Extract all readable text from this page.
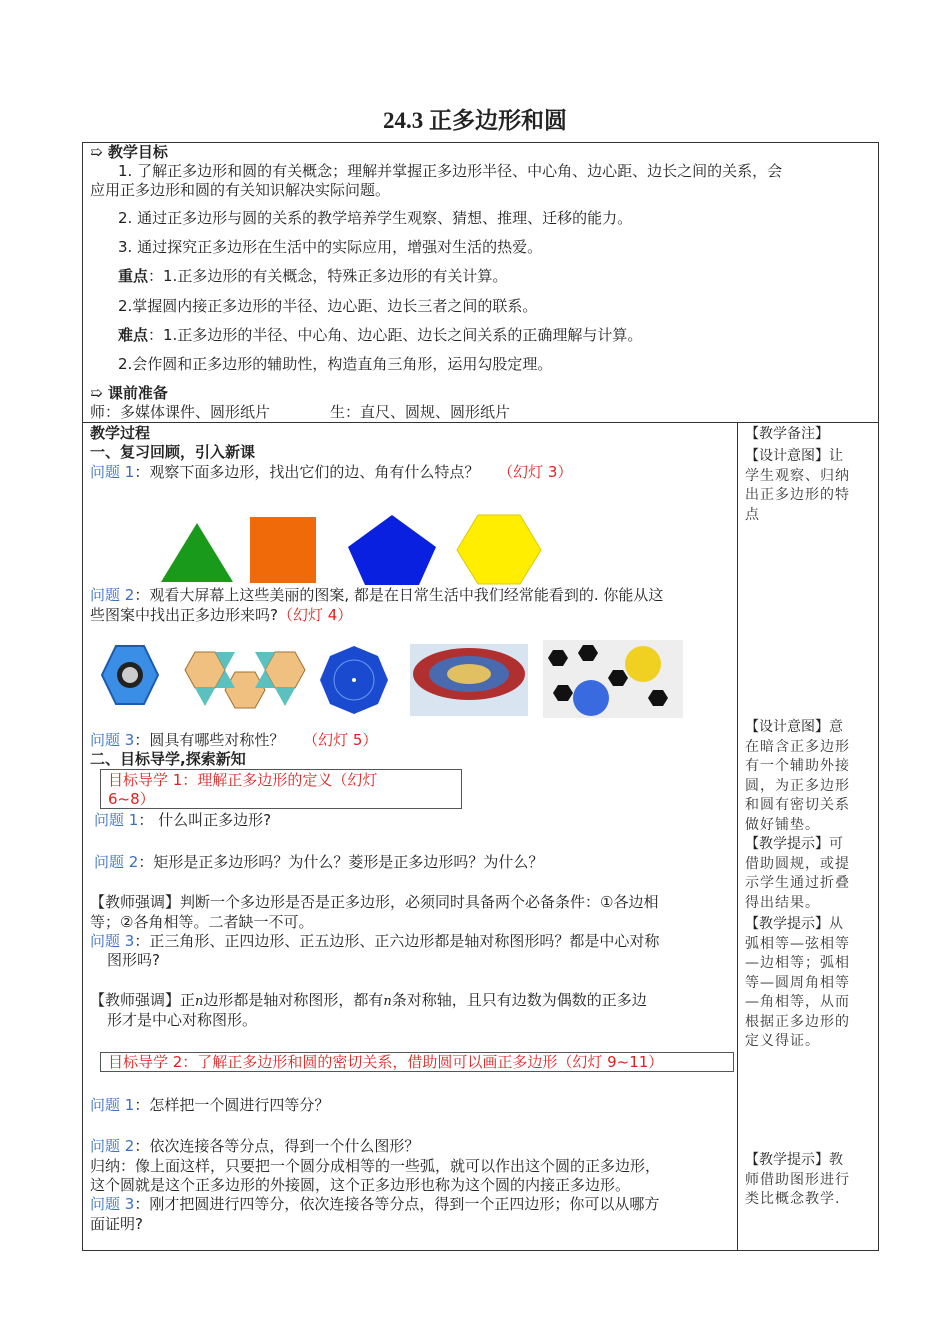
24.3 正多边形和圆
➯ 教学目标
1. 了解正多边形和圆的有关概念；理解并掌握正多边形半径、中心角、边心距、边长之间的关系，会
应用正多边形和圆的有关知识解决实际问题。
2. 通过正多边形与圆的关系的教学培养学生观察、猜想、推理、迁移的能力。
3. 通过探究正多边形在生活中的实际应用，增强对生活的热爱。
重点：1.正多边形的有关概念，特殊正多边形的有关计算。
2.掌握圆内接正多边形的半径、边心距、边长三者之间的联系。
难点：1.正多边形的半径、中心角、边心距、边长之间关系的正确理解与计算。
2.会作圆和正多边形的辅助性，构造直角三角形，运用勾股定理。
➯ 课前准备
师：多媒体课件、圆形纸片	生：直尺、圆规、圆形纸片
教学过程
一、复习回顾，引入新课
问题 1：观察下面多边形，找出它们的边、角有什么特点？ （幻灯 3）
问题 2：观看大屏幕上这些美丽的图案, 都是在日常生活中我们经常能看到的. 你能从这
些图案中找出正多边形来吗?（幻灯 4）
问题 3：圆具有哪些对称性？ （幻灯 5）
二、目标导学,探索新知
目标导学 1：理解正多边形的定义（幻灯
6~8）
问题 1： 什么叫正多边形?
问题 2：矩形是正多边形吗？为什么？菱形是正多边形吗？为什么？
【教师强调】判断一个多边形是否是正多边形，必须同时具备两个必备条件：①各边相
等；②各角相等。二者缺一不可。
问题 3：正三角形、正四边形、正五边形、正六边形都是轴对称图形吗？都是中心对称
图形吗?
【教师强调】正n边形都是轴对称图形，都有n条对称轴，且只有边数为偶数的正多边
形才是中心对称图形。
目标导学 2：了解正多边形和圆的密切关系，借助圆可以画正多边形（幻灯 9~11）
问题 1：怎样把一个圆进行四等分？
问题 2：依次连接各等分点，得到一个什么图形？
归纳：像上面这样，只要把一个圆分成相等的一些弧，就可以作出这个圆的正多边形，
这个圆就是这个正多边形的外接圆，这个正多边形也称为这个圆的内接正多边形。
问题 3：刚才把圆进行四等分，依次连接各等分点，得到一个正四边形；你可以从哪方
面证明?
【教学备注】
【设计意图】让
学生观察、归纳
出正多边形的特
点
【设计意图】意
在暗含正多边形
有一个辅助外接
圆，为正多边形
和圆有密切关系
做好铺垫。
【教学提示】可
借助圆规，或提
示学生通过折叠
得出结果。
【教学提示】从
弧相等—弦相等
—边相等；弧相
等—圆周角相等
—角相等，从而
根据正多边形的
定义得证。
【教学提示】教
师借助图形进行
类比概念教学.
